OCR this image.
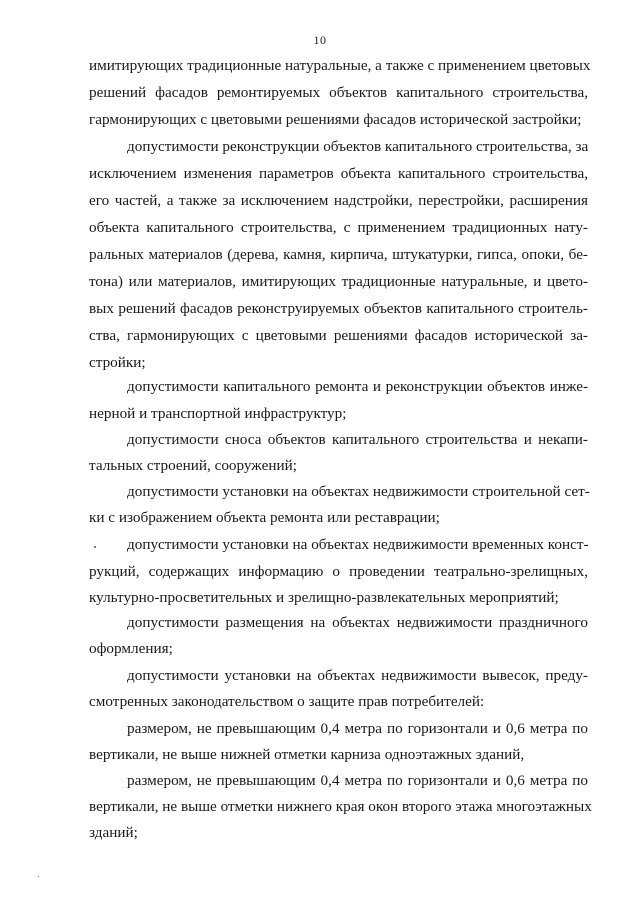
10
имитирующих традиционные натуральные, а также с применением цветовых
решений фасадов ремонтируемых объектов капитального строительства,
гармонирующих с цветовыми решениями фасадов исторической застройки;
допустимости реконструкции объектов капитального строительства, за
исключением изменения параметров объекта капитального строительства,
его частей, а также за исключением надстройки, перестройки, расширения
объекта капитального строительства, с применением традиционных нату-
ральных материалов (дерева, камня, кирпича, штукатурки, гипса, опоки, бе-
тона) или материалов, имитирующих традиционные натуральные, и цвето-
вых решений фасадов реконструируемых объектов капитального строитель-
ства, гармонирующих с цветовыми решениями фасадов исторической за-
стройки;
допустимости капитального ремонта и реконструкции объектов инже-
нерной и транспортной инфраструктур;
допустимости сноса объектов капитального строительства и некапи-
тальных строений, сооружений;
допустимости установки на объектах недвижимости строительной сет-
ки с изображением объекта ремонта или реставрации;
допустимости установки на объектах недвижимости временных конст-
рукций, содержащих информацию о проведении театрально-зрелищных,
культурно-просветительных и зрелищно-развлекательных мероприятий;
допустимости размещения на объектах недвижимости праздничного
оформления;
допустимости установки на объектах недвижимости вывесок, преду-
смотренных законодательством о защите прав потребителей:
размером, не превышающим 0,4 метра по горизонтали и 0,6 метра по
вертикали, не выше нижней отметки карниза одноэтажных зданий,
размером, не превышающим 0,4 метра по горизонтали и 0,6 метра по
вертикали, не выше отметки нижнего края окон второго этажа многоэтажных
зданий;
